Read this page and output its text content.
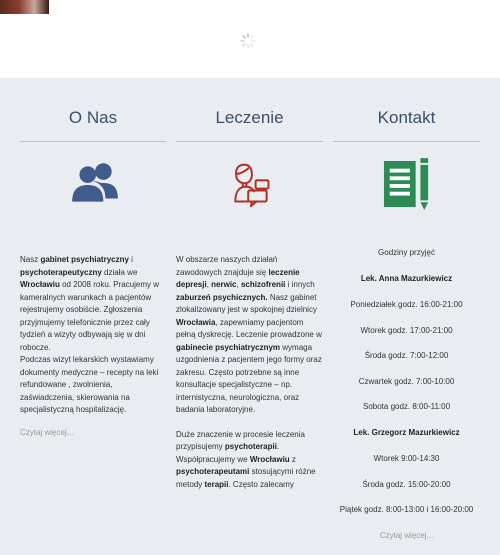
O Nas
Nasz gabinet psychiatryczny i psychoterapeutyczny działa we Wrocławiu od 2008 roku. Pracujemy w kameralnych warunkach a pacjentów rejestrujemy osobiście. Zgłoszenia przyjmujemy telefonicznie przez cały tydzień a wizyty odbywają się w dni robocze.
Podczas wizyt lekarskich wystawiamy dokumenty medyczne – recepty na leki refundowane , zwolnienia, zaświadczenia, skierowania na specjalistyczną hospitalizację.
Czytaj więcej...
Leczenie
W obszarze naszych działań zawodowych znajduje się leczenie depresji, nerwic, schizofrenii i innych zaburzeń psychicznych. Nasz gabinet zlokalizowany jest w spokojnej dzielnicy Wrocławia, zapewniamy pacjentom pełną dyskrecję. Leczenie prowadzone w gabinecie psychiatrycznym wymaga uzgodnienia z pacjentem jego formy oraz zakresu. Często potrzebne są inne konsultacje specjalistyczne – np. internistyczna, neurologiczna, oraz badania laboratoryjne.
Duże znaczenie w procesie leczenia przypisujemy psychoterapii. Współpracujemy we Wrocławiu z psychoterapeutami stosującymi różne metody terapii. Często zalecamy
Kontakt

Godziny przyjęć

Lek. Anna Mazurkiewicz

Poniedziałek godz. 16:00-21:00

Wtorek godz. 17:00-21:00

Środa godz. 7:00-12:00

Czwartek godz. 7:00-10:00

Sobota godz. 8:00-11:00

Lek. Grzegorz Mazurkiewicz

Wtorek 9:00-14:30

Środa godz. 15:00-20:00

Piątek godz. 8:00-13:00 i 16:00-20:00

Czytaj więcej...
